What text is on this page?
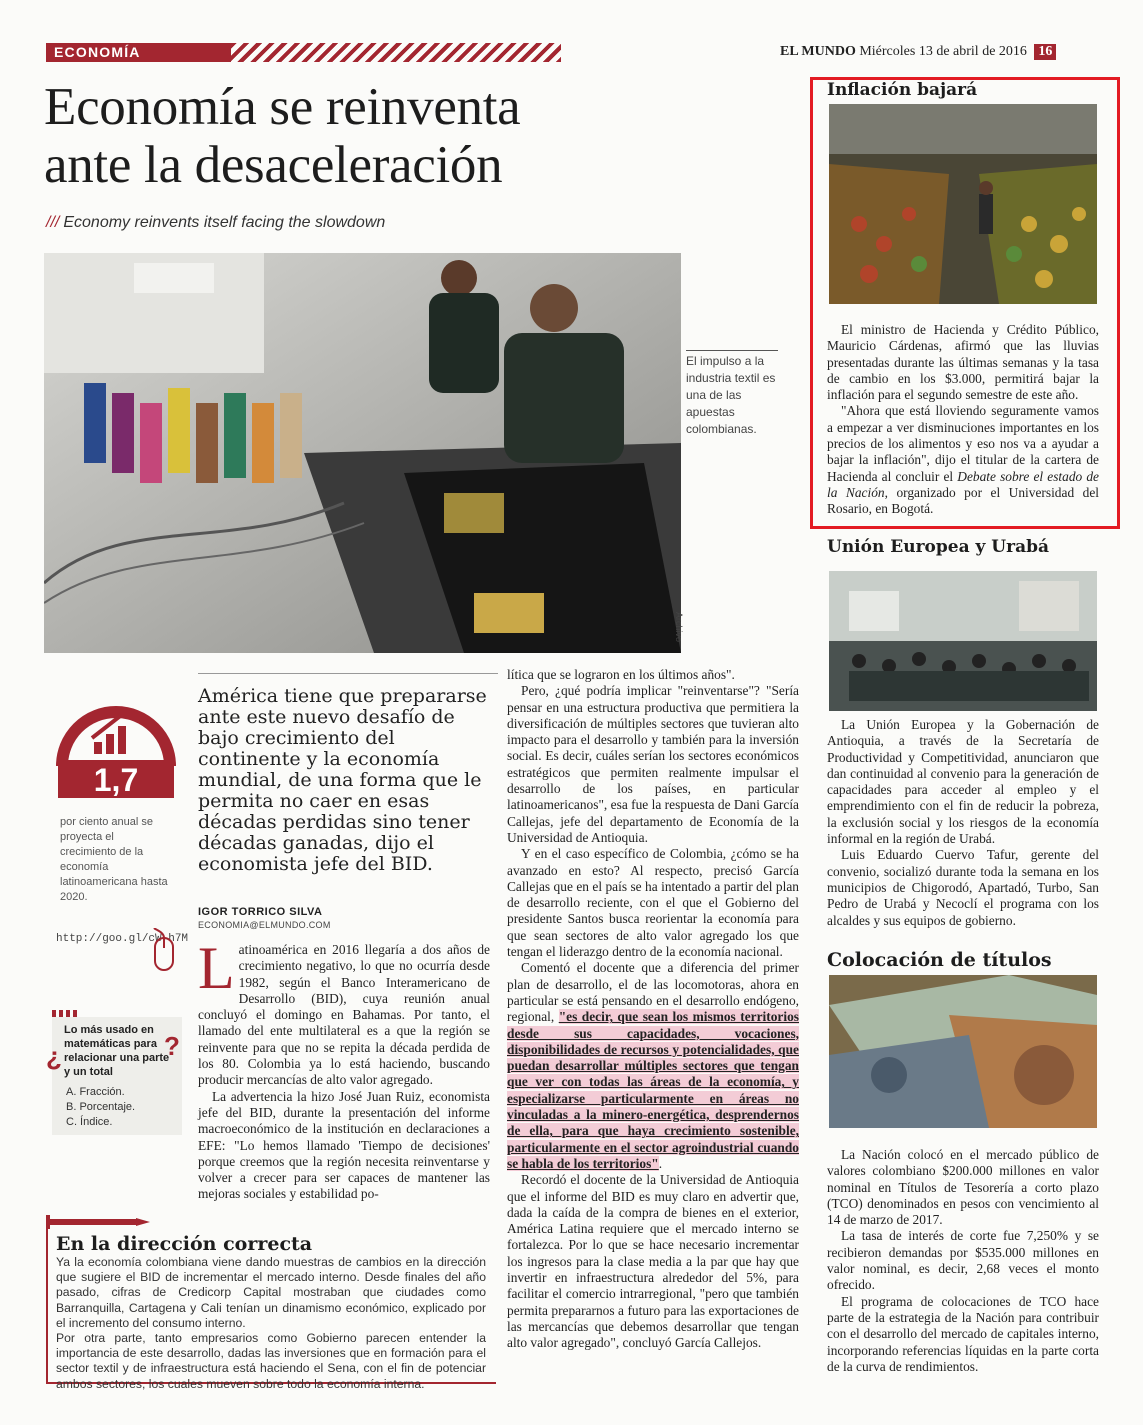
ECONOMÍA	EL MUNDO Miércoles 13 de abril de 2016 16
Economía se reinventa
ante la desaceleración
/// Economy reinvents itself facing the slowdown
Archivo
El impulso a la industria textil es una de las apuestas colombianas.
1,7
por ciento anual se proyecta el crecimiento de la economía latinoamericana hasta 2020.
http://goo.gl/cW,h7M
¿	?
Lo más usado en matemáticas para relacionar una parte y un total
A. Fracción.
B. Porcentaje.
C. Índice.
América tiene que prepararse ante este nuevo desafío de bajo crecimiento del continente y la economía mundial, de una forma que le permita no caer en esas décadas perdidas sino tener décadas ganadas, dijo el economista jefe del BID.
IGOR TORRICO SILVA
ECONOMIA@ELMUNDO.COM

Latinoamérica en 2016 llegaría a dos años de crecimiento negativo, lo que no ocurría desde 1982, según el Banco Interamericano de Desarrollo (BID), cuya reunión anual concluyó el domingo en Bahamas. Por tanto, el llamado del ente multilateral es a que la región se reinvente para que no se repita la década perdida de los 80. Colombia ya lo está haciendo, buscando producir mercancías de alto valor agregado.

La advertencia la hizo José Juan Ruiz, economista jefe del BID, durante la presentación del informe macroeconómico de la institución en declaraciones a EFE: "Lo hemos llamado 'Tiempo de decisiones' porque creemos que la región necesita reinventarse y volver a crecer para ser capaces de mantener las mejoras sociales y estabilidad po-

lítica que se lograron en los últimos años".

Pero, ¿qué podría implicar "reinventarse"? "Sería pensar en una estructura productiva que permitiera la diversificación de múltiples sectores que tuvieran alto impacto para el desarrollo y también para la inversión social. Es decir, cuáles serían los sectores económicos estratégicos que permiten realmente impulsar el desarrollo de los países, en particular latinoamericanos", esa fue la respuesta de Dani García Callejas, jefe del departamento de Economía de la Universidad de Antioquia.

Y en el caso específico de Colombia, ¿cómo se ha avanzado en esto? Al respecto, precisó García Callejas que en el país se ha intentado a partir del plan de desarrollo reciente, con el que el Gobierno del presidente Santos busca reorientar la economía para que sean sectores de alto valor agregado los que tengan el liderazgo dentro de la economía nacional.

Comentó el docente que a diferencia del primer plan de desarrollo, el de las locomotoras, ahora en particular se está pensando en el desarrollo endógeno, regional, "es decir, que sean los mismos territorios desde sus capacidades, vocaciones, disponibilidades de recursos y potencialidades, que puedan desarrollar múltiples sectores que tengan que ver con todas las áreas de la economía, y especializarse particularmente en áreas no vinculadas a la minero-energética, desprendernos de ella, para que haya crecimiento sostenible, particularmente en el sector agroindustrial cuando se habla de los territorios".

Recordó el docente de la Universidad de Antioquia que el informe del BID es muy claro en advertir que, dada la caída de la compra de bienes en el exterior, América Latina requiere que el mercado interno se fortalezca. Por lo que se hace necesario incrementar los ingresos para la clase media a la par que hay que invertir en infraestructura alrededor del 5%, para facilitar el comercio intrarregional, "pero que también permita prepararnos a futuro para las exportaciones de las mercancías que debemos desarrollar que tengan alto valor agregado", concluyó García Callejos.

En la dirección correcta

Ya la economía colombiana viene dando muestras de cambios en la dirección que sugiere el BID de incrementar el mercado interno. Desde finales del año pasado, cifras de Credicorp Capital mostraban que ciudades como Barranquilla, Cartagena y Cali tenían un dinamismo económico, explicado por el incremento del consumo interno.

Por otra parte, tanto empresarios como Gobierno parecen entender la importancia de este desarrollo, dadas las inversiones que en formación para el sector textil y de infraestructura está haciendo el Sena, con el fin de potenciar ambos sectores, los cuales mueven sobre todo la economía interna.

Inflación bajará

El ministro de Hacienda y Crédito Público, Mauricio Cárdenas, afirmó que las lluvias presentadas durante las últimas semanas y la tasa de cambio en los $3.000, permitirá bajar la inflación para el segundo semestre de este año.

"Ahora que está lloviendo seguramente vamos a empezar a ver disminuciones importantes en los precios de los alimentos y eso nos va a ayudar a bajar la inflación", dijo el titular de la cartera de Hacienda al concluir el Debate sobre el estado de la Nación, organizado por el Universidad del Rosario, en Bogotá.

Unión Europea y Urabá

La Unión Europea y la Gobernación de Antioquia, a través de la Secretaría de Productividad y Competitividad, anunciaron que dan continuidad al convenio para la generación de capacidades para acceder al empleo y el emprendimiento con el fin de reducir la pobreza, la exclusión social y los riesgos de la economía informal en la región de Urabá.

Luis Eduardo Cuervo Tafur, gerente del convenio, socializó durante toda la semana en los municipios de Chigorodó, Apartadó, Turbo, San Pedro de Urabá y Necoclí el programa con los alcaldes y sus equipos de gobierno.

Colocación de títulos

La Nación colocó en el mercado público de valores colombiano $200.000 millones en valor nominal en Títulos de Tesorería a corto plazo (TCO) denominados en pesos con vencimiento al 14 de marzo de 2017.

La tasa de interés de corte fue 7,250% y se recibieron demandas por $535.000 millones en valor nominal, es decir, 2,68 veces el monto ofrecido.

El programa de colocaciones de TCO hace parte de la estrategia de la Nación para contribuir con el desarrollo del mercado de capitales interno, incorporando referencias líquidas en la parte corta de la curva de rendimientos.
